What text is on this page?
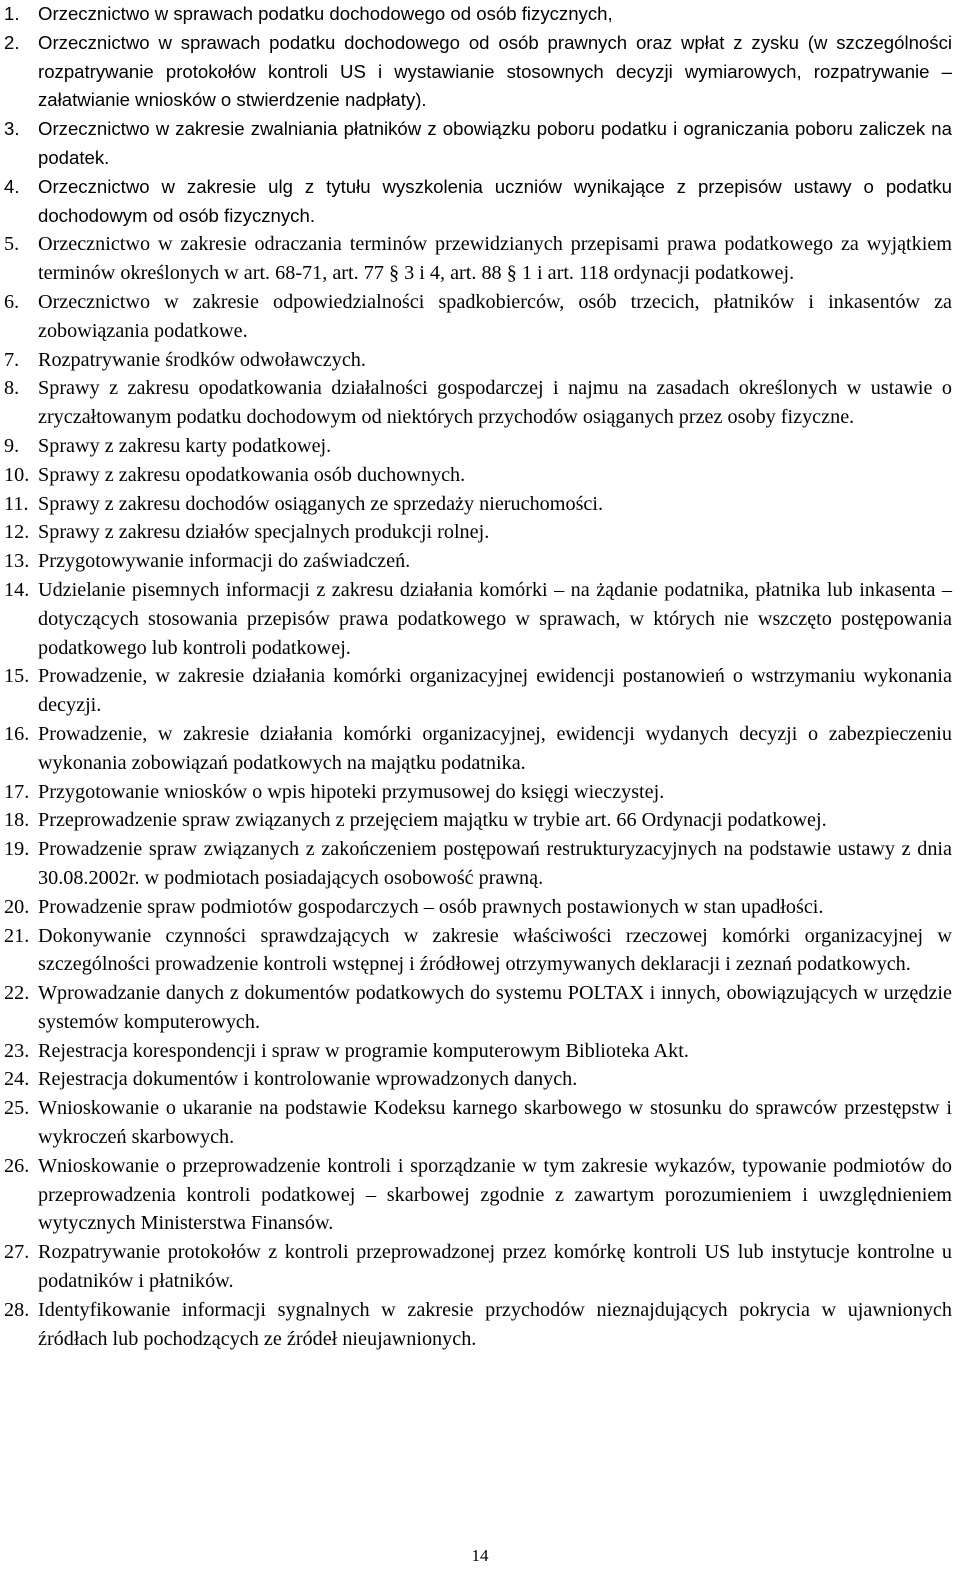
1. Orzecznictwo w sprawach podatku dochodowego od osób fizycznych,
2. Orzecznictwo w sprawach podatku dochodowego od osób prawnych oraz wpłat z zysku (w szczególności rozpatrywanie protokołów kontroli US i wystawianie stosownych decyzji wymiarowych, rozpatrywanie – załatwianie wniosków o stwierdzenie nadpłaty).
3. Orzecznictwo w zakresie zwalniania płatników z obowiązku poboru podatku i ograniczania poboru zaliczek na podatek.
4. Orzecznictwo w zakresie ulg z tytułu wyszkolenia uczniów wynikające z przepisów ustawy o podatku dochodowym od osób fizycznych.
5. Orzecznictwo w zakresie odraczania terminów przewidzianych przepisami prawa podatkowego za wyjątkiem terminów określonych w art. 68-71, art. 77 § 3 i 4, art. 88 § 1 i art. 118 ordynacji podatkowej.
6. Orzecznictwo w zakresie odpowiedzialności spadkobierców, osób trzecich, płatników i inkasentów za zobowiązania podatkowe.
7. Rozpatrywanie środków odwoławczych.
8. Sprawy z zakresu opodatkowania działalności gospodarczej i najmu na zasadach określonych w ustawie o zryczałtowanym podatku dochodowym od niektórych przychodów osiąganych przez osoby fizyczne.
9. Sprawy z zakresu karty podatkowej.
10. Sprawy z zakresu opodatkowania osób duchownych.
11. Sprawy z zakresu dochodów osiąganych ze sprzedaży nieruchomości.
12. Sprawy z zakresu działów specjalnych produkcji rolnej.
13. Przygotowywanie informacji do zaświadczeń.
14. Udzielanie pisemnych informacji z zakresu działania komórki – na żądanie podatnika, płatnika lub inkasenta – dotyczących stosowania przepisów prawa podatkowego w sprawach, w których nie wszczęto postępowania podatkowego lub kontroli podatkowej.
15. Prowadzenie, w zakresie działania komórki organizacyjnej ewidencji postanowień o wstrzymaniu wykonania decyzji.
16. Prowadzenie, w zakresie działania komórki organizacyjnej, ewidencji wydanych decyzji o zabezpieczeniu wykonania zobowiązań podatkowych na majątku podatnika.
17. Przygotowanie wniosków o wpis hipoteki przymusowej do księgi wieczystej.
18. Przeprowadzenie spraw związanych z przejęciem majątku w trybie art. 66 Ordynacji podatkowej.
19. Prowadzenie spraw związanych z zakończeniem postępowań restrukturyzacyjnych na podstawie ustawy z dnia 30.08.2002r. w podmiotach posiadających osobowość prawną.
20. Prowadzenie spraw podmiotów gospodarczych – osób prawnych postawionych w stan upadłości.
21. Dokonywanie czynności sprawdzających w zakresie właściwości rzeczowej komórki organizacyjnej w szczególności prowadzenie kontroli wstępnej i źródłowej otrzymywanych deklaracji i zeznań podatkowych.
22. Wprowadzanie danych z dokumentów podatkowych do systemu POLTAX i innych, obowiązujących w urzędzie systemów komputerowych.
23. Rejestracja korespondencji i spraw w programie komputerowym Biblioteka Akt.
24. Rejestracja dokumentów i kontrolowanie wprowadzonych danych.
25. Wnioskowanie o ukaranie na podstawie Kodeksu karnego skarbowego w stosunku do sprawców przestępstw i wykroczeń skarbowych.
26. Wnioskowanie o przeprowadzenie kontroli i sporządzanie w tym zakresie wykazów, typowanie podmiotów do przeprowadzenia kontroli podatkowej – skarbowej zgodnie z zawartym porozumieniem i uwzględnieniem wytycznych Ministerstwa Finansów.
27. Rozpatrywanie protokołów z kontroli przeprowadzonej przez komórkę kontroli US lub instytucje kontrolne u podatników i płatników.
28. Identyfikowanie informacji sygnalnych w zakresie przychodów nieznajdujących pokrycia w ujawnionych źródłach lub pochodzących ze źródeł nieujawnionych.
14
